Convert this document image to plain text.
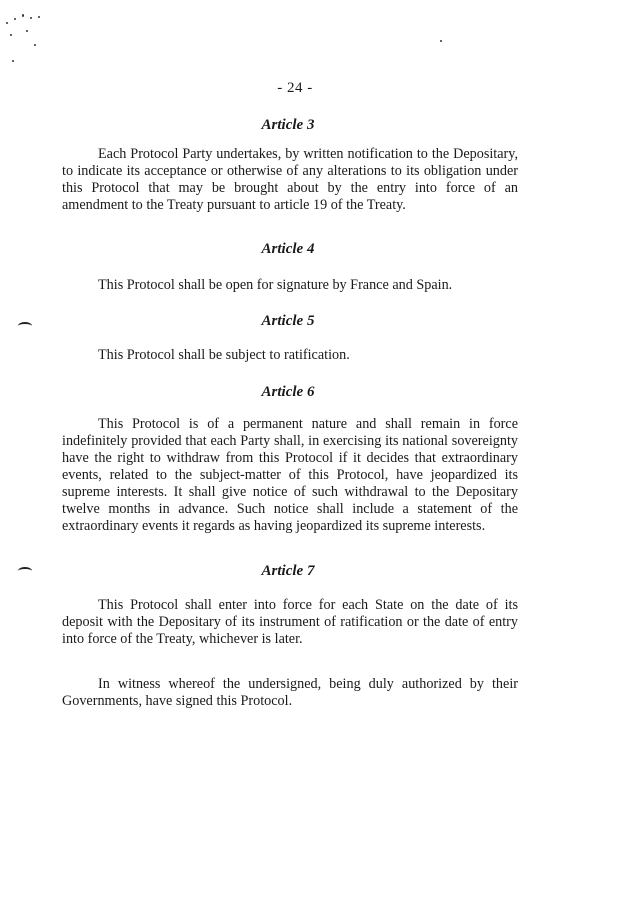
- 24 -
Article 3

Each Protocol Party undertakes, by written notification to the Depositary, to indicate its acceptance or otherwise of any alterations to its obligation under this Protocol that may be brought about by the entry into force of an amendment to the Treaty pursuant to article 19 of the Treaty.

Article 4

This Protocol shall be open for signature by France and Spain.

Article 5

This Protocol shall be subject to ratification.

Article 6

This Protocol is of a permanent nature and shall remain in force indefinitely provided that each Party shall, in exercising its national sovereignty have the right to withdraw from this Protocol if it decides that extraordinary events, related to the subject-matter of this Protocol, have jeopardized its supreme interests. It shall give notice of such withdrawal to the Depositary twelve months in advance. Such notice shall include a statement of the extraordinary events it regards as having jeopardized its supreme interests.

Article 7

This Protocol shall enter into force for each State on the date of its deposit with the Depositary of its instrument of ratification or the date of entry into force of the Treaty, whichever is later.

In witness whereof the undersigned, being duly authorized by their Governments, have signed this Protocol.
